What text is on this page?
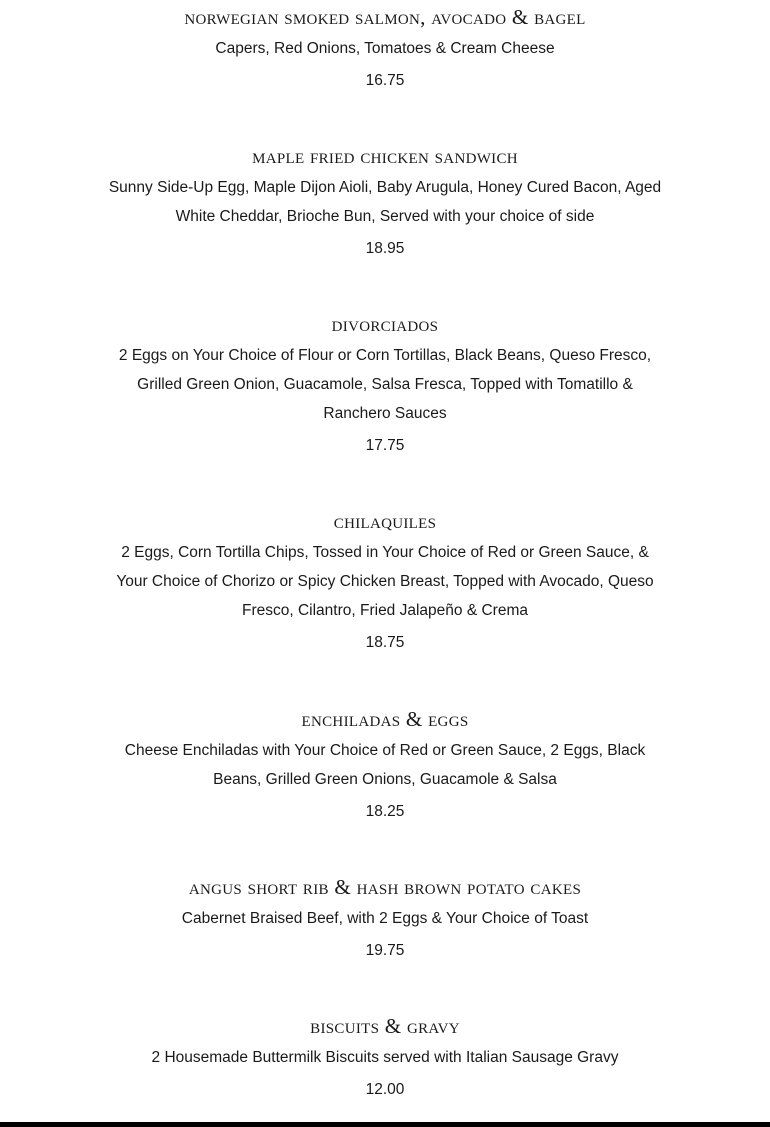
norwegian smoked salmon, avocado & bagel
Capers, Red Onions, Tomatoes & Cream Cheese
16.75
maple fried chicken sandwich
Sunny Side-Up Egg, Maple Dijon Aioli, Baby Arugula, Honey Cured Bacon, Aged White Cheddar, Brioche Bun, Served with your choice of side
18.95
divorciados
2 Eggs on Your Choice of Flour or Corn Tortillas, Black Beans, Queso Fresco, Grilled Green Onion, Guacamole, Salsa Fresca, Topped with Tomatillo & Ranchero Sauces
17.75
chilaquiles
2 Eggs, Corn Tortilla Chips, Tossed in Your Choice of Red or Green Sauce, & Your Choice of Chorizo or Spicy Chicken Breast, Topped with Avocado, Queso Fresco, Cilantro, Fried Jalapeño & Crema
18.75
enchiladas & eggs
Cheese Enchiladas with Your Choice of Red or Green Sauce, 2 Eggs, Black Beans, Grilled Green Onions, Guacamole & Salsa
18.25
angus short rib & hash brown potato cakes
Cabernet Braised Beef, with 2 Eggs & Your Choice of Toast
19.75
biscuits & gravy
2 Housemade Buttermilk Biscuits served with Italian Sausage Gravy
12.00
